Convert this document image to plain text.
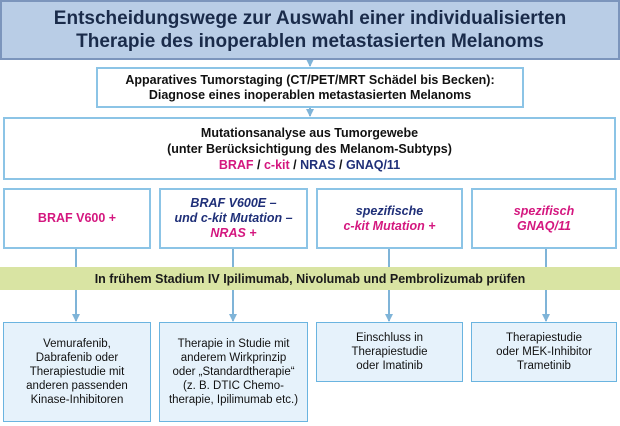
Entscheidungswege zur Auswahl einer individualisierten
Therapie des inoperablen metastasierten Melanoms
Apparatives Tumorstaging (CT/PET/MRT Schädel bis Becken):
Diagnose eines inoperablen metastasierten Melanoms
Mutationsanalyse aus Tumorgewebe
(unter Berücksichtigung des Melanom-Subtyps)
BRAF / c-kit / NRAS / GNAQ/11
BRAF V600 +
BRAF V600E –
und c-kit Mutation –
NRAS +
spezifische
c-kit Mutation +
spezifisch
GNAQ/11
In frühem Stadium IV Ipilimumab, Nivolumab und Pembrolizumab prüfen
Vemurafenib,
Dabrafenib oder
Therapiestudie mit
anderen passenden
Kinase-Inhibitoren
Therapie in Studie mit
anderem Wirkprinzip
oder „Standardtherapie“
(z. B. DTIC Chemo-
therapie, Ipilimumab etc.)
Einschluss in
Therapiestudie
oder Imatinib
Therapiestudie
oder MEK-Inhibitor
Trametinib
